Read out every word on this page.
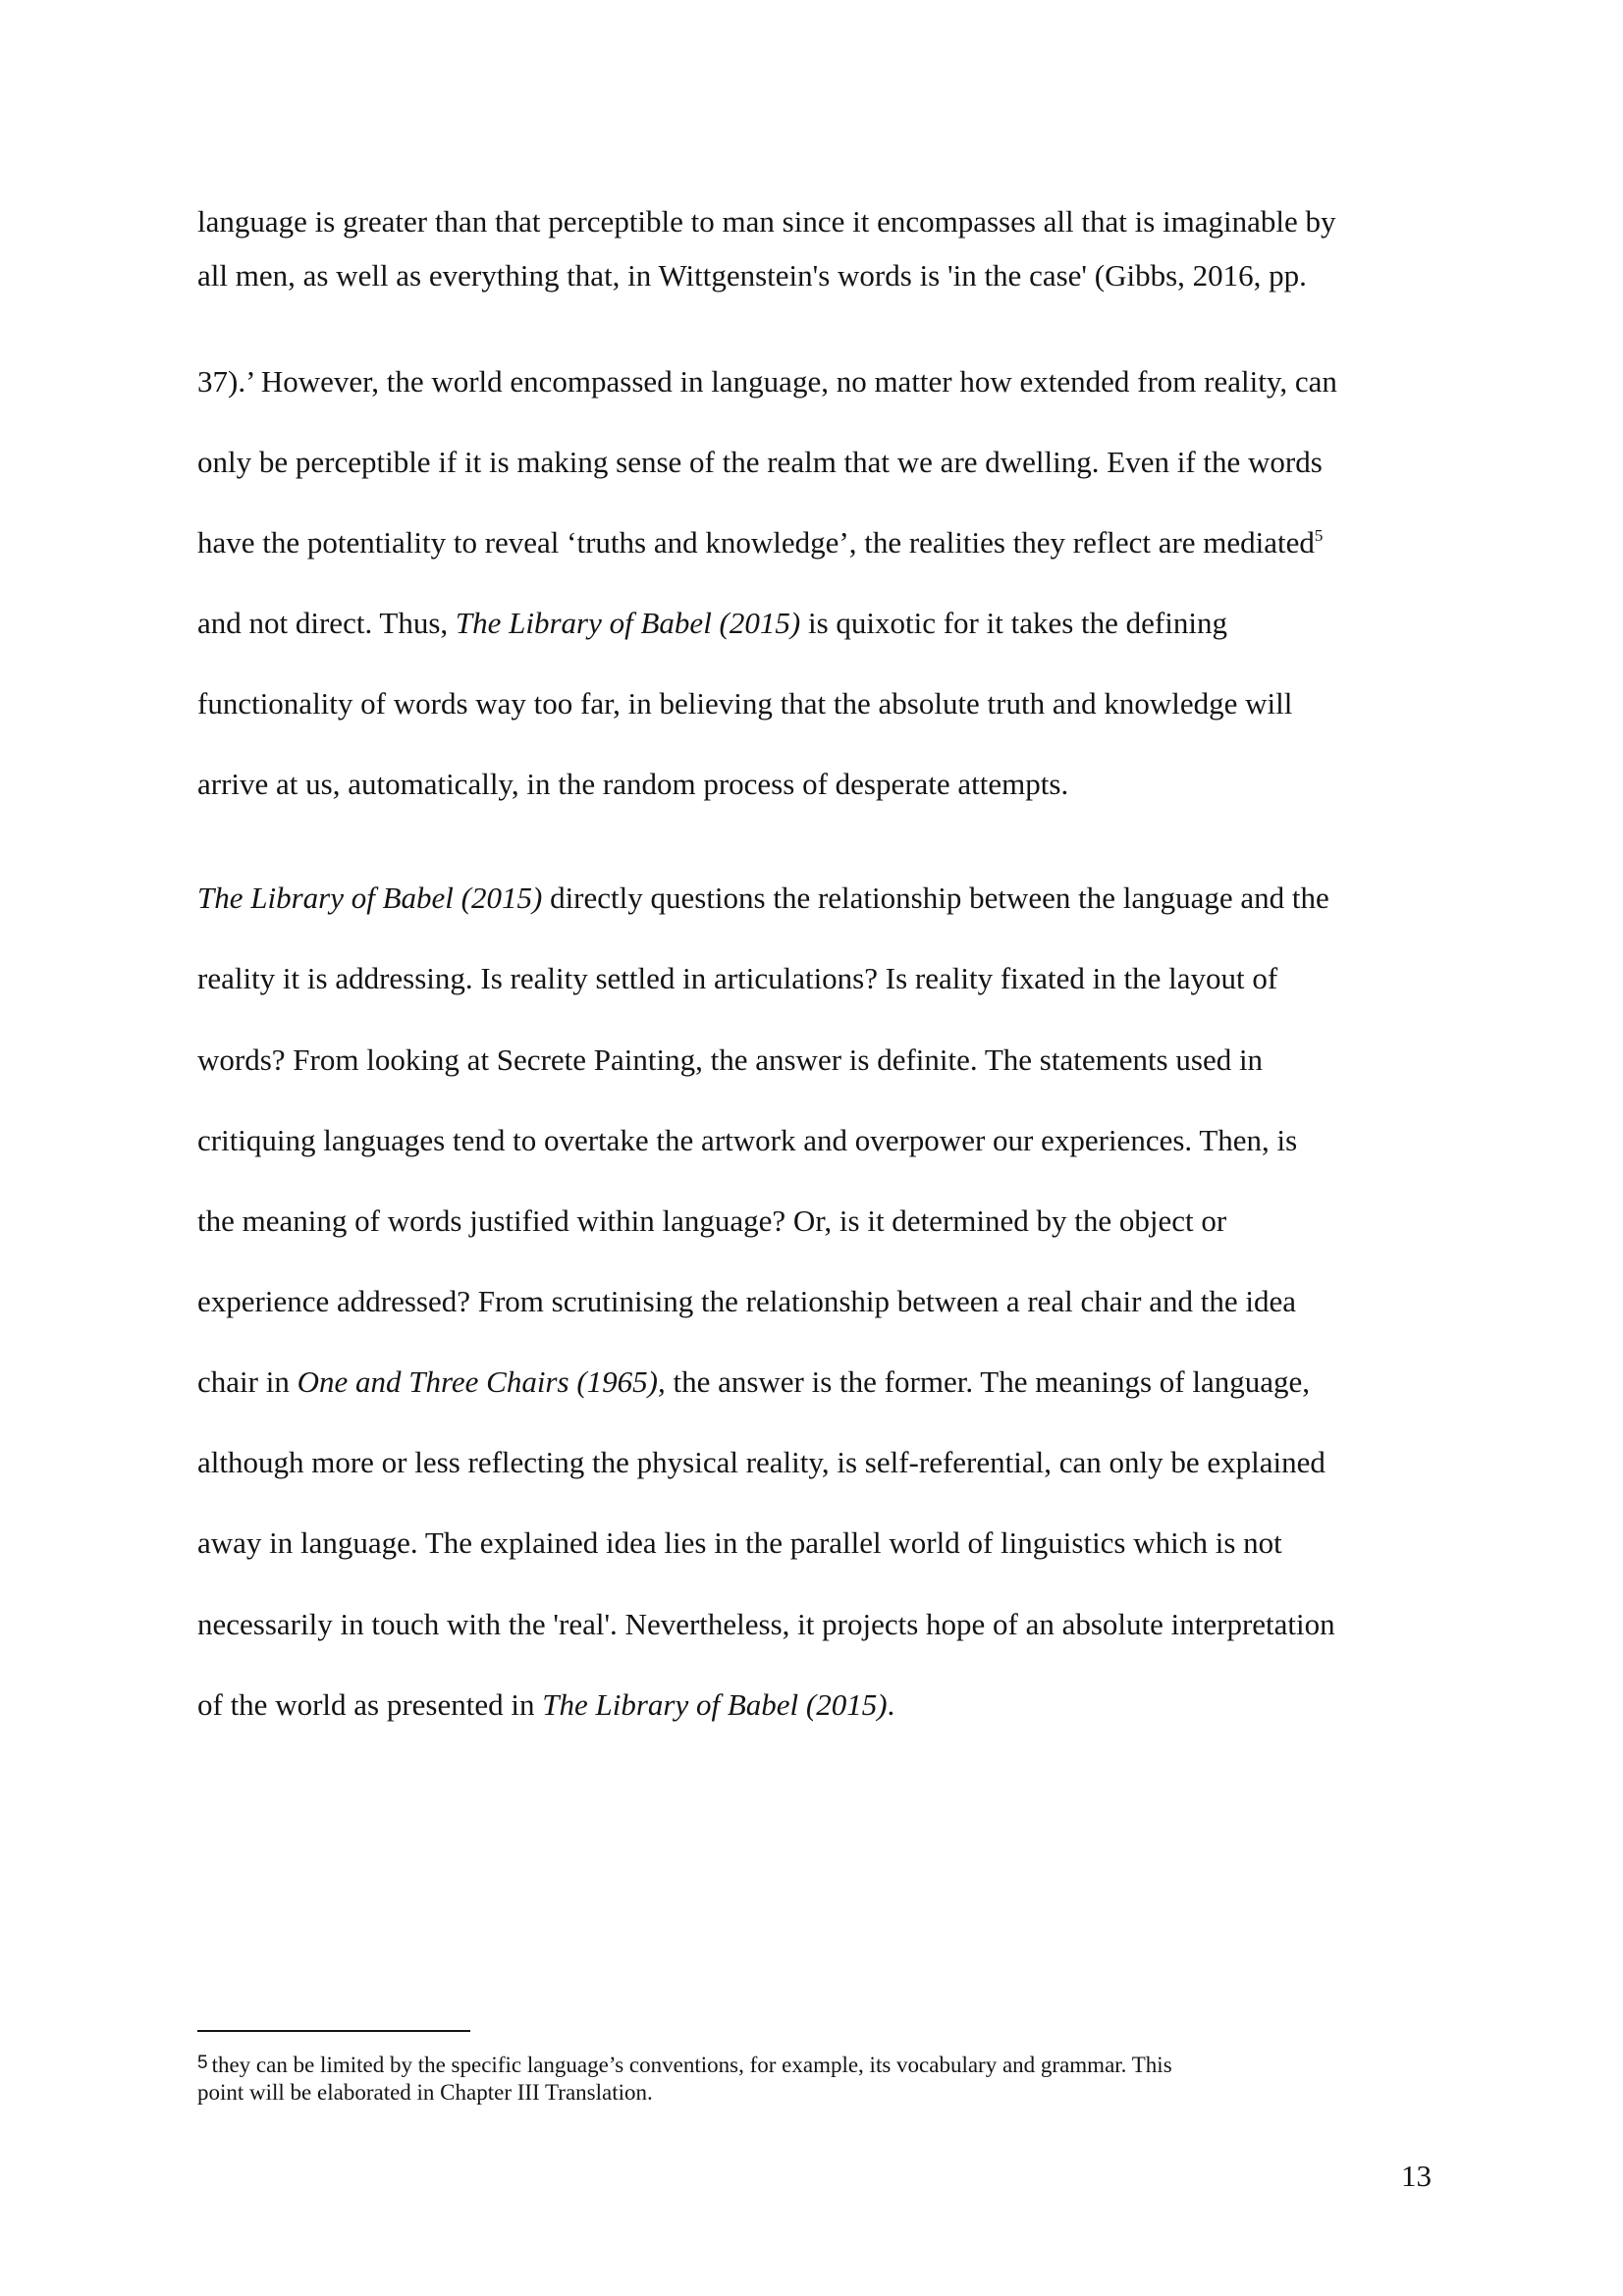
language is greater than that perceptible to man since it encompasses all that is imaginable by
all men, as well as everything that, in Wittgenstein's words is 'in the case' (Gibbs, 2016, pp.
37).’ However, the world encompassed in language, no matter how extended from reality, can
only be perceptible if it is making sense of the realm that we are dwelling. Even if the words
have the potentiality to reveal ‘truths and knowledge’, the realities they reflect are mediated$^5$
and not direct. Thus, The Library of Babel (2015) is quixotic for it takes the defining
functionality of words way too far, in believing that the absolute truth and knowledge will
arrive at us, automatically, in the random process of desperate attempts.
The Library of Babel (2015) directly questions the relationship between the language and the
reality it is addressing. Is reality settled in articulations? Is reality fixated in the layout of
words? From looking at Secrete Painting, the answer is definite. The statements used in
critiquing languages tend to overtake the artwork and overpower our experiences. Then, is
the meaning of words justified within language? Or, is it determined by the object or
experience addressed? From scrutinising the relationship between a real chair and the idea
chair in One and Three Chairs (1965), the answer is the former. The meanings of language,
although more or less reflecting the physical reality, is self-referential, can only be explained
away in language. The explained idea lies in the parallel world of linguistics which is not
necessarily in touch with the 'real'. Nevertheless, it projects hope of an absolute interpretation
of the world as presented in The Library of Babel (2015).
5 they can be limited by the specific language’s conventions, for example, its vocabulary and grammar. This
point will be elaborated in Chapter III Translation.
13
